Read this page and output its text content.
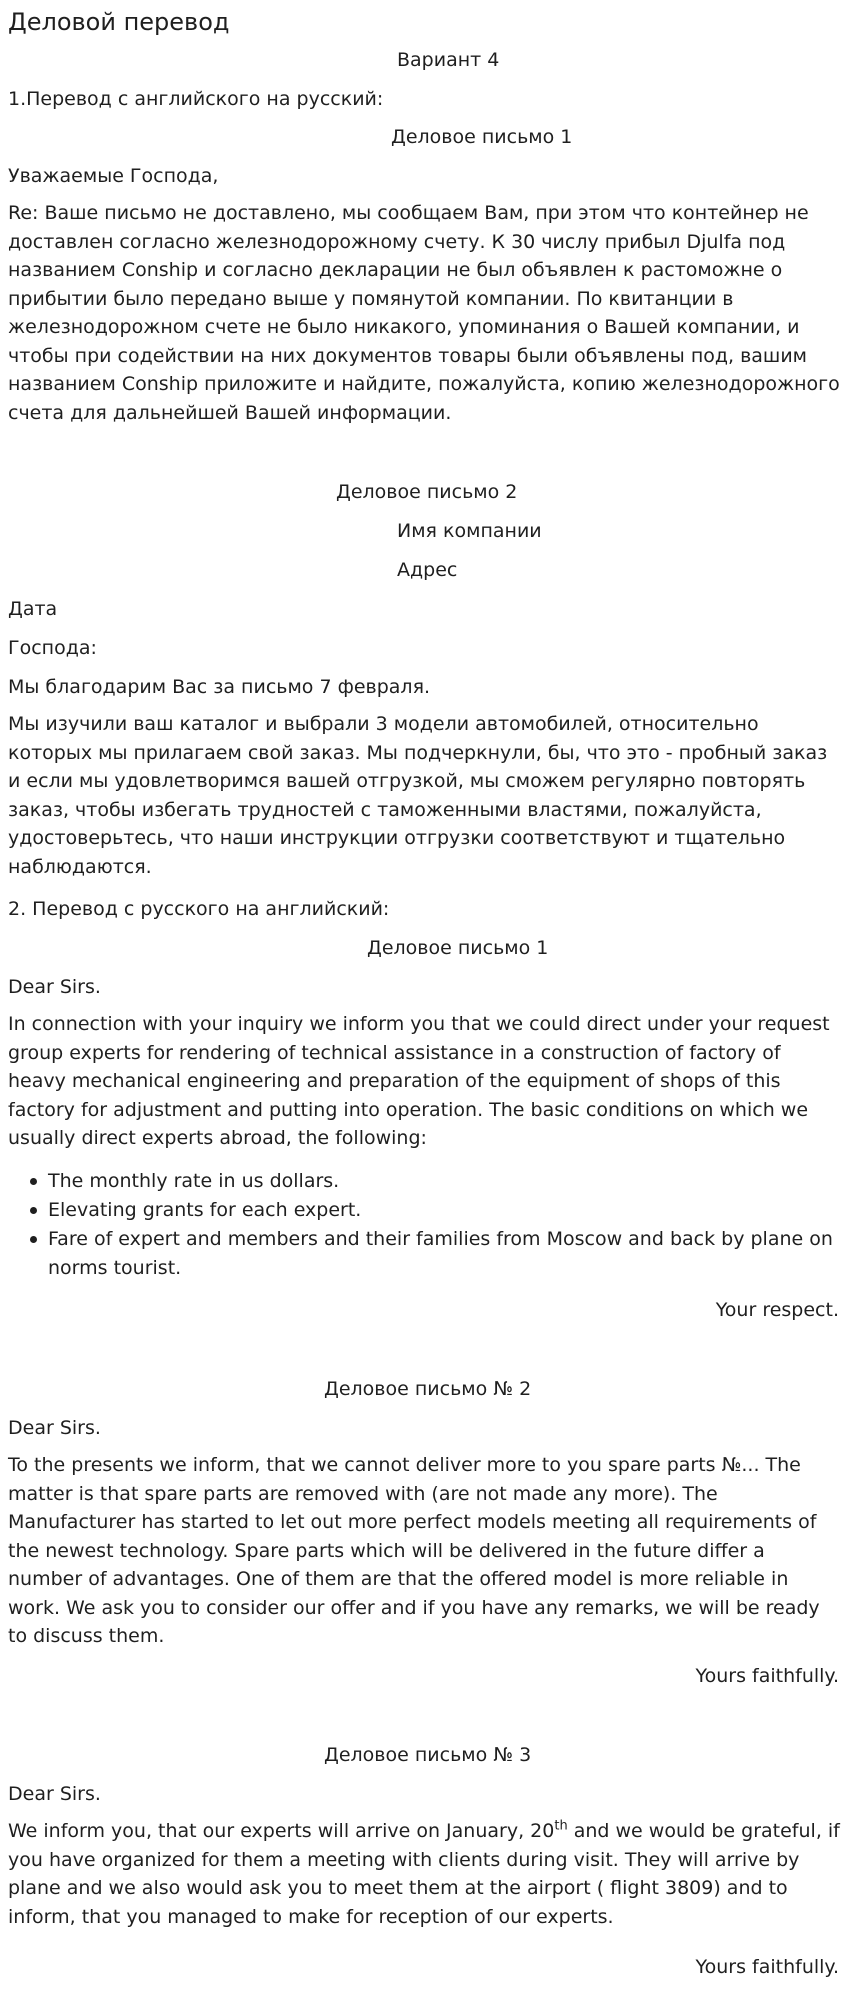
Деловой перевод
Вариант 4
1.Перевод с английского на русский:
Деловое письмо 1
Уважаемые Господа,
Re: Ваше письмо не доставлено, мы сообщаем Вам, при этом что контейнер не доставлен согласно железнодорожному счету. К 30 числу прибыл Djulfa под названием Conship и согласно декларации не был объявлен к растоможне о прибытии было передано выше у помянутой компании. По квитанции в железнодорожном счете не было никакого, упоминания о Вашей компании, и чтобы при содействии на них документов товары были объявлены под, вашим названием Conship приложите и найдите, пожалуйста, копию железнодорожного счета для дальнейшей Вашей информации.
Деловое письмо 2
Имя компании
Адрес
Дата
Господа:
Мы благодарим Вас за письмо 7 февраля.
Мы изучили ваш каталог и выбрали 3 модели автомобилей, относительно которых мы прилагаем свой заказ. Мы подчеркнули, бы, что это - пробный заказ и если мы удовлетворимся вашей отгрузкой, мы сможем регулярно повторять заказ, чтобы избегать трудностей с таможенными властями, пожалуйста, удостоверьтесь, что наши инструкции отгрузки соответствуют и тщательно наблюдаются.
2. Перевод с русского на английский:
Деловое письмо 1
Dear Sirs.
In connection with your inquiry we inform you that we could direct under your request group experts for rendering of technical assistance in a construction of factory of heavy mechanical engineering and preparation of the equipment of shops of this factory for adjustment and putting into operation. The basic conditions on which we usually direct experts abroad, the following:
The monthly rate in us dollars.
Elevating grants for each expert.
Fare of expert and members and their families from Moscow and back by plane on
norms tourist.
Your respect.
Деловое письмо № 2
Dear Sirs.
To the presents we inform, that we cannot deliver more to you spare parts №... The matter is that spare parts are removed with (are not made any more). The Manufacturer has started to let out more perfect models meeting all requirements of the newest technology. Spare parts which will be delivered in the future differ a number of advantages. One of them are that the offered model is more reliable in work. We ask you to consider our offer and if you have any remarks, we will be ready to discuss them.
Yours faithfully.
Деловое письмо № 3
Dear Sirs.
We inform you, that our experts will arrive on January, 20th and we would be grateful, if you have organized for them a meeting with clients during visit. They will arrive by plane and we also would ask you to meet them at the airport ( flight 3809) and to inform, that you managed to make for reception of our experts.
Yours faithfully.
